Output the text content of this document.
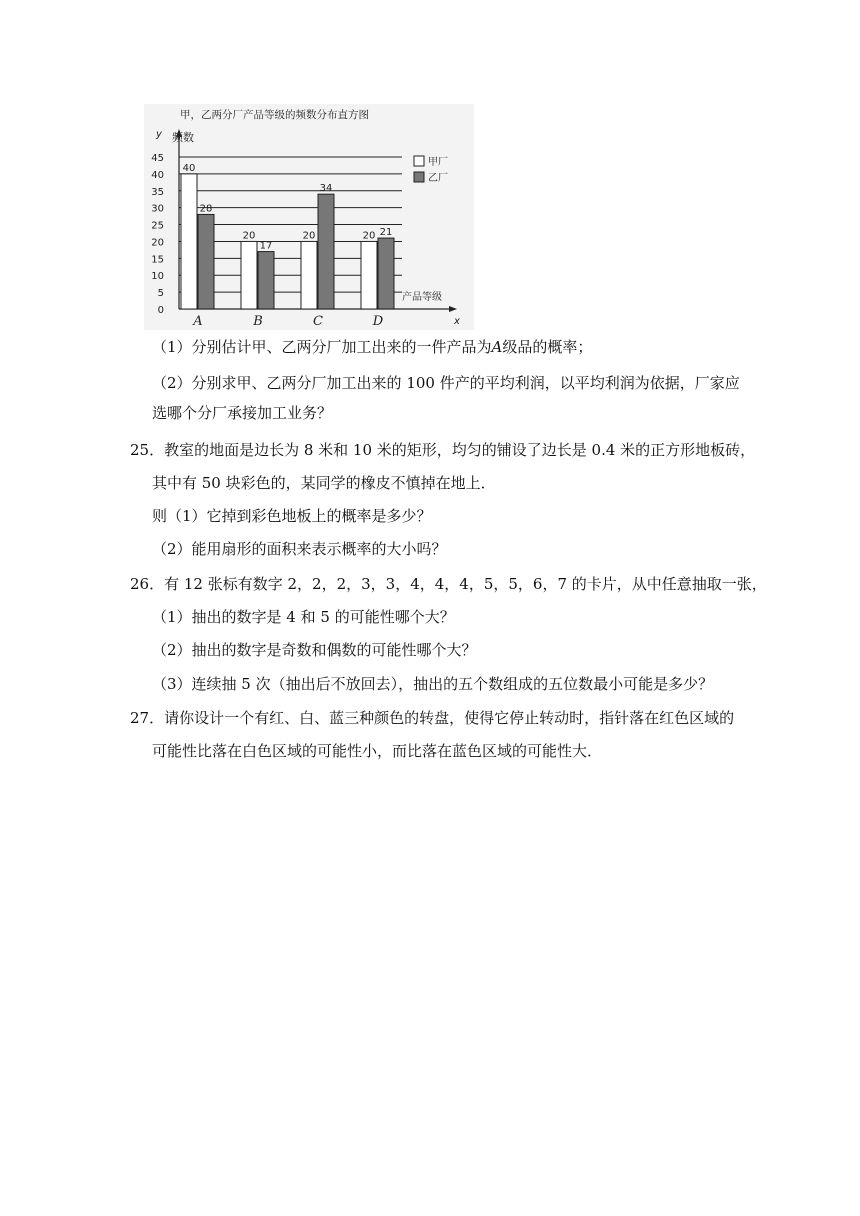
甲，乙两分厂产品等级的频数分布直方图
0
5
10
15
20
25
30
35
40
45
y 频数
x
产品等级
40
28
A
20
17
B
20
34
C
20 21
D
甲厂
乙厂
（1）分别估计甲、乙两分厂加工出来的一件产品为A级品的概率；
（2）分别求甲、乙两分厂加工出来的 100 件产的平均利润，以平均利润为依据，厂家应
选哪个分厂承接加工业务？
25．教室的地面是边长为 8 米和 10 米的矩形，均匀的铺设了边长是 0.4 米的正方形地板砖，
其中有 50 块彩色的，某同学的橡皮不慎掉在地上．
则（1）它掉到彩色地板上的概率是多少？
（2）能用扇形的面积来表示概率的大小吗？
26．有 12 张标有数字 2，2，2，3，3，4，4，4，5，5，6，7 的卡片，从中任意抽取一张，
（1）抽出的数字是 4 和 5 的可能性哪个大？
（2）抽出的数字是奇数和偶数的可能性哪个大？
（3）连续抽 5 次（抽出后不放回去），抽出的五个数组成的五位数最小可能是多少？
27．请你设计一个有红、白、蓝三种颜色的转盘，使得它停止转动时，指针落在红色区域的
可能性比落在白色区域的可能性小，而比落在蓝色区域的可能性大．
